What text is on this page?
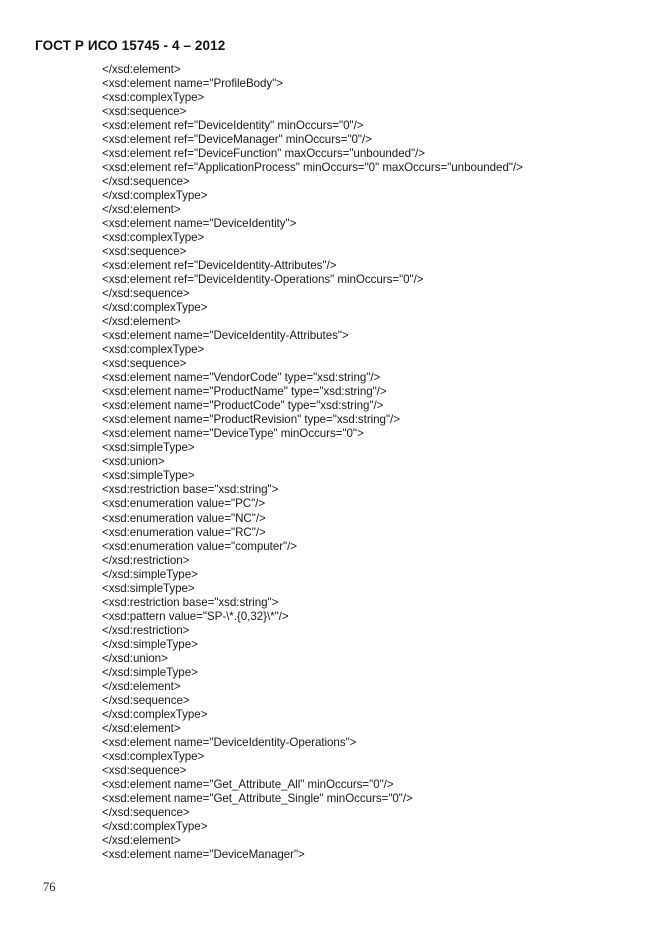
ГОСТ Р ИСО 15745 - 4 – 2012
</xsd:element>
<xsd:element name="ProfileBody">
<xsd:complexType>
<xsd:sequence>
<xsd:element ref="DeviceIdentity" minOccurs="0"/>
<xsd:element ref="DeviceManager" minOccurs="0"/>
<xsd:element ref="DeviceFunction" maxOccurs="unbounded"/>
<xsd:element ref="ApplicationProcess" minOccurs="0" maxOccurs="unbounded"/>
</xsd:sequence>
</xsd:complexType>
</xsd:element>
<xsd:element name="DeviceIdentity">
<xsd:complexType>
<xsd:sequence>
<xsd:element ref="DeviceIdentity-Attributes"/>
<xsd:element ref="DeviceIdentity-Operations" minOccurs="0"/>
</xsd:sequence>
</xsd:complexType>
</xsd:element>
<xsd:element name="DeviceIdentity-Attributes">
<xsd:complexType>
<xsd:sequence>
<xsd:element name="VendorCode" type="xsd:string"/>
<xsd:element name="ProductName" type="xsd:string"/>
<xsd:element name="ProductCode" type="xsd:string"/>
<xsd:element name="ProductRevision" type="xsd:string"/>
<xsd:element name="DeviceType" minOccurs="0">
<xsd:simpleType>
<xsd:union>
<xsd:simpleType>
<xsd:restriction base="xsd:string">
<xsd:enumeration value="PC"/>
<xsd:enumeration value="NC"/>
<xsd:enumeration value="RC"/>
<xsd:enumeration value="computer"/>
</xsd:restriction>
</xsd:simpleType>
<xsd:simpleType>
<xsd:restriction base="xsd:string">
<xsd:pattern value="SP-\*.{0,32}\*"/>
</xsd:restriction>
</xsd:simpleType>
</xsd:union>
</xsd:simpleType>
</xsd:element>
</xsd:sequence>
</xsd:complexType>
</xsd:element>
<xsd:element name="DeviceIdentity-Operations">
<xsd:complexType>
<xsd:sequence>
<xsd:element name="Get_Attribute_All" minOccurs="0"/>
<xsd:element name="Get_Attribute_Single" minOccurs="0"/>
</xsd:sequence>
</xsd:complexType>
</xsd:element>
<xsd:element name="DeviceManager">
76
